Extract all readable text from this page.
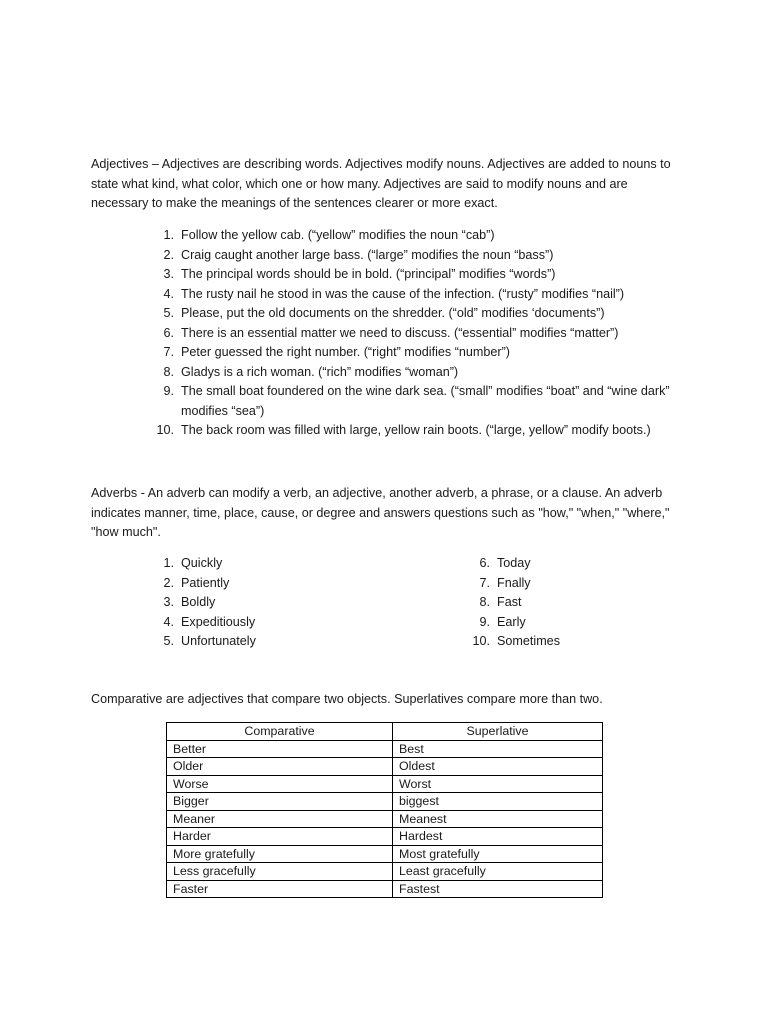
Adjectives – Adjectives are describing words. Adjectives modify nouns. Adjectives are added to nouns to state what kind, what color, which one or how many. Adjectives are said to modify nouns and are necessary to make the meanings of the sentences clearer or more exact.

1. Follow the yellow cab. (“yellow” modifies the noun “cab”)
2. Craig caught another large bass. (“large” modifies the noun “bass”)
3. The principal words should be in bold. (“principal” modifies “words”)
4. The rusty nail he stood in was the cause of the infection. (“rusty” modifies “nail”)
5. Please, put the old documents on the shredder. (“old” modifies ‘documents”)
6. There is an essential matter we need to discuss. (“essential” modifies “matter”)
7. Peter guessed the right number. (“right” modifies “number”)
8. Gladys is a rich woman. (“rich” modifies “woman”)
9. The small boat foundered on the wine dark sea. (“small” modifies “boat” and “wine dark” modifies “sea”)
10. The back room was filled with large, yellow rain boots. (“large, yellow” modify boots.)

Adverbs - An adverb can modify a verb, an adjective, another adverb, a phrase, or a clause. An adverb indicates manner, time, place, cause, or degree and answers questions such as "how," "when," "where," "how much".

1. Quickly
2. Patiently
3. Boldly
4. Expeditiously
5. Unfortunately
6. Today
7. Fnally
8. Fast
9. Early
10. Sometimes

Comparative are adjectives that compare two objects. Superlatives compare more than two.

Comparative	Superlative
Better	Best
Older	Oldest
Worse	Worst
Bigger	biggest
Meaner	Meanest
Harder	Hardest
More gratefully	Most gratefully
Less gracefully	Least gracefully
Faster	Fastest
